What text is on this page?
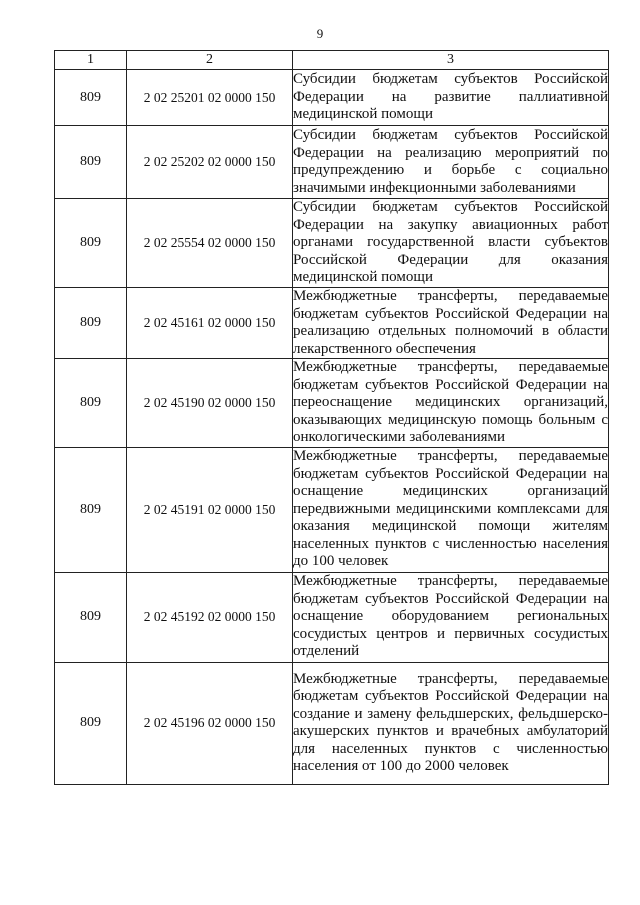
9
1	2	3
809	2 02 25201 02 0000 150	Субсидии бюджетам субъектов Российской Федерации на развитие паллиативной медицинской помощи
809	2 02 25202 02 0000 150	Субсидии бюджетам субъектов Российской Федерации на реализацию мероприятий по предупреждению и борьбе с социально значимыми инфекционными заболеваниями
809	2 02 25554 02 0000 150	Субсидии бюджетам субъектов Российской Федерации на закупку авиационных работ органами государственной власти субъектов Российской Федерации для оказания медицинской помощи
809	2 02 45161 02 0000 150	Межбюджетные трансферты, передаваемые бюджетам субъектов Российской Федерации на реализацию отдельных полномочий в области лекарственного обеспечения
809	2 02 45190 02 0000 150	Межбюджетные трансферты, передаваемые бюджетам субъектов Российской Федерации на переоснащение медицинских организаций, оказывающих медицинскую помощь больным с онкологическими заболеваниями
809	2 02 45191 02 0000 150	Межбюджетные трансферты, передаваемые бюджетам субъектов Российской Федерации на оснащение медицинских организаций передвижными медицинскими комплексами для оказания медицинской помощи жителям населенных пунктов с численностью населения до 100 человек
809	2 02 45192 02 0000 150	Межбюджетные трансферты, передаваемые бюджетам субъектов Российской Федерации на оснащение оборудованием региональных сосудистых центров и первичных сосудистых отделений
809	2 02 45196 02 0000 150	Межбюджетные трансферты, передаваемые бюджетам субъектов Российской Федерации на создание и замену фельдшерских, фельдшерско-акушерских пунктов и врачебных амбулаторий для населенных пунктов с численностью населения от 100 до 2000 человек
